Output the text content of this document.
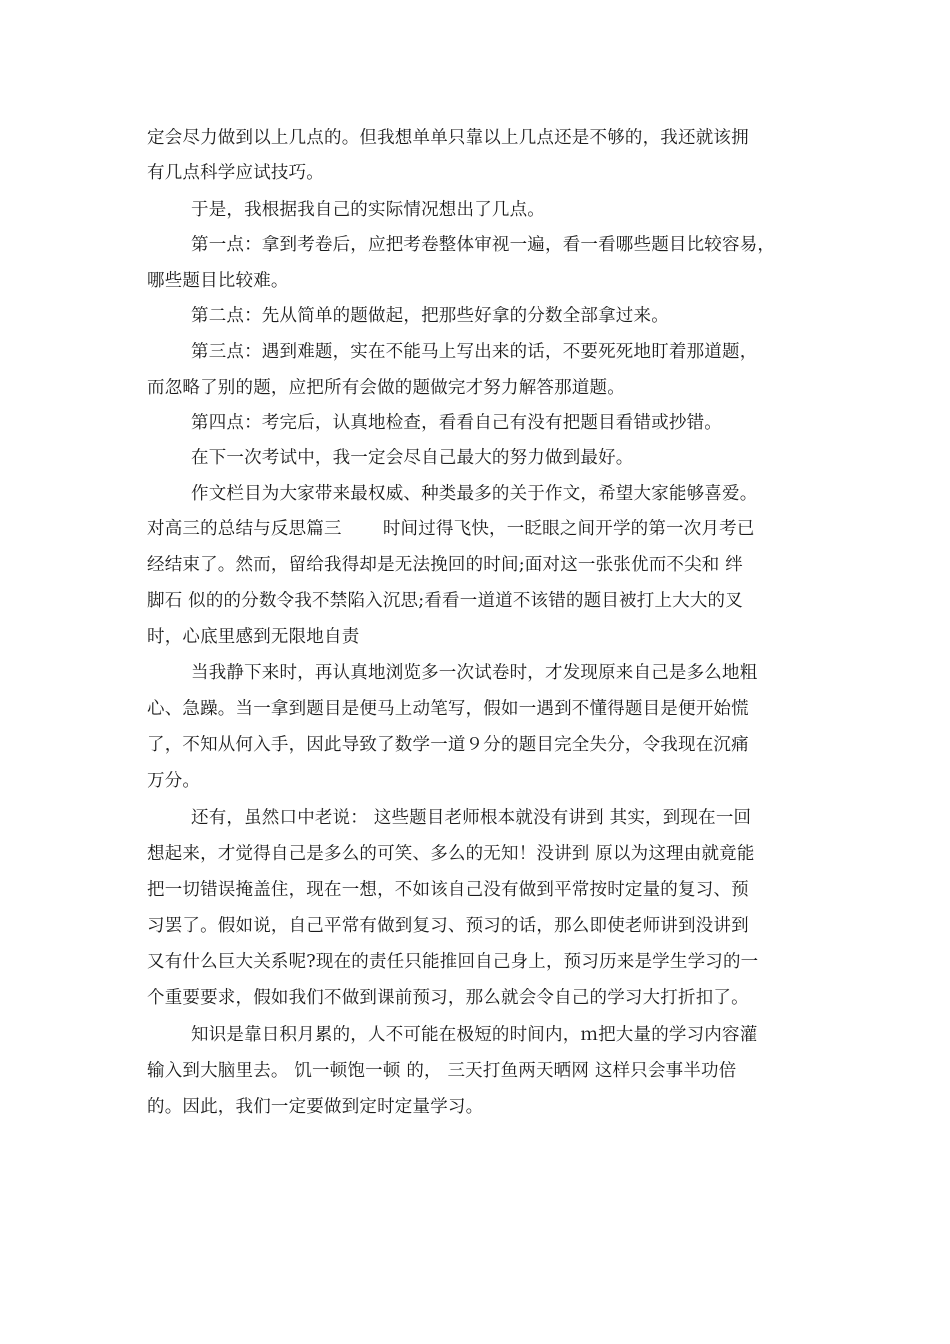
定会尽力做到以上几点的。但我想单单只靠以上几点还是不够的，我还就该拥
有几点科学应试技巧。
于是，我根据我自己的实际情况想出了几点。
第一点：拿到考卷后，应把考卷整体审视一遍，看一看哪些题目比较容易，
哪些题目比较难。
第二点：先从简单的题做起，把那些好拿的分数全部拿过来。
第三点：遇到难题，实在不能马上写出来的话，不要死死地盯着那道题，
而忽略了别的题，应把所有会做的题做完才努力解答那道题。
第四点：考完后，认真地检查，看看自己有没有把题目看错或抄错。
在下一次考试中，我一定会尽自己最大的努力做到最好。
作文栏目为大家带来最权威、种类最多的关于作文，希望大家能够喜爱。
对高三的总结与反思篇三　　 时间过得飞快，一眨眼之间开学的第一次月考已
经结束了。然而，留给我得却是无法挽回的时间;面对这一张张优而不尖和 绊
脚石 似的的分数令我不禁陷入沉思;看看一道道不该错的题目被打上大大的叉
时，心底里感到无限地自责
当我静下来时，再认真地浏览多一次试卷时，才发现原来自己是多么地粗
心、急躁。当一拿到题目是便马上动笔写，假如一遇到不懂得题目是便开始慌
了，不知从何入手，因此导致了数学一道９分的题目完全失分，令我现在沉痛
万分。
还有，虽然口中老说： 这些题目老师根本就没有讲到 其实，到现在一回
想起来，才觉得自己是多么的可笑、多么的无知！没讲到 原以为这理由就竟能
把一切错误掩盖住，现在一想，不如该自己没有做到平常按时定量的复习、预
习罢了。假如说，自己平常有做到复习、预习的话，那么即使老师讲到没讲到
又有什么巨大关系呢?现在的责任只能推回自己身上，预习历来是学生学习的一
个重要要求，假如我们不做到课前预习，那么就会令自己的学习大打折扣了。
知识是靠日积月累的，人不可能在极短的时间内，ｍ把大量的学习内容灌
输入到大脑里去。 饥一顿饱一顿 的， 三天打鱼两天晒网 这样只会事半功倍
的。因此，我们一定要做到定时定量学习。
